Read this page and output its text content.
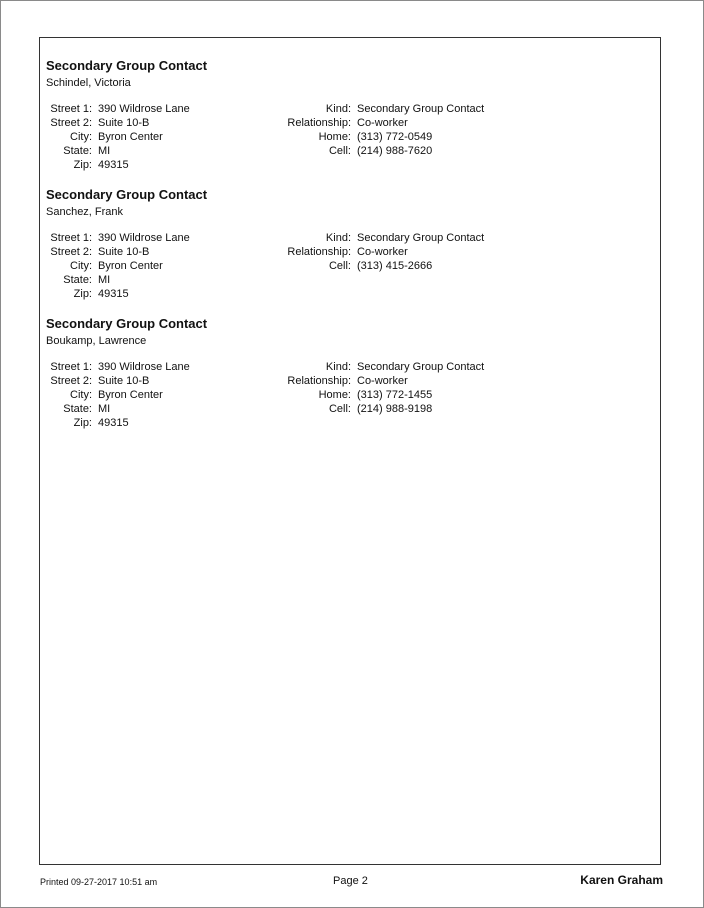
Secondary Group Contact
Schindel, Victoria
Street 1: 390 Wildrose Lane
Street 2: Suite 10-B
City: Byron Center
State: MI
Zip: 49315
Kind: Secondary Group Contact
Relationship: Co-worker
Home: (313) 772-0549
Cell: (214) 988-7620
Secondary Group Contact
Sanchez, Frank
Street 1: 390 Wildrose Lane
Street 2: Suite 10-B
City: Byron Center
State: MI
Zip: 49315
Kind: Secondary Group Contact
Relationship: Co-worker
Cell: (313) 415-2666
Secondary Group Contact
Boukamp, Lawrence
Street 1: 390 Wildrose Lane
Street 2: Suite 10-B
City: Byron Center
State: MI
Zip: 49315
Kind: Secondary Group Contact
Relationship: Co-worker
Home: (313) 772-1455
Cell: (214) 988-9198
Printed 09-27-2017 10:51 am	Page 2	Karen Graham
